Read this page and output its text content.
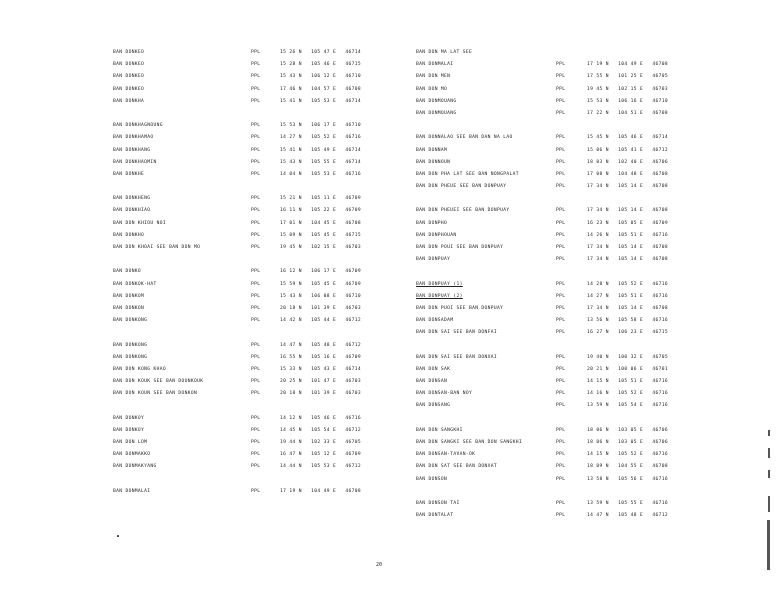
BAN DONKEO	PPL	15 26 N   105 47 E   46714
BAN DONKEO	PPL	15 28 N   105 46 E   46715
BAN DONKEO	PPL	15 43 N   106 12 E   46710
BAN DONKEO	PPL	17 46 N   104 57 E   46708
BAN DONKHA	PPL	15 41 N   105 53 E   46714
BAN DONKHAGNOUNG	PPL	15 53 N   106 17 E   46710
BAN DONKHAMAO	PPL	14 27 N   105 52 E   46716
BAN DONKHANG	PPL	15 41 N   105 49 E   46714
BAN DONKHAOMIN	PPL	15 43 N   105 55 E   46714
BAN DONKHE	PPL	14 04 N   105 53 E   46716
BAN DONKHENG	PPL	15 21 N   105 11 E   46709
BAN DONKHIAO	PPL	16 11 N   105 22 E   46709
BAN DON KHIOU NOI	PPL	17 01 N   104 45 E   46708
BAN DONKHO	PPL	15 09 N   105 45 E   46715
BAN DON KHOAI SEE BAN DON MO	PPL	19 45 N   102 15 E   46703
BAN DONKO	PPL	16 12 N   106 17 E   46709
BAN DONKOK-HAT	PPL	15 59 N   105 45 E   46709
BAN DONKOM	PPL	15 43 N   106 08 E   46710
BAN DONKON	PPL	20 18 N   101 39 E   46703
BAN DONKONG	PPL	14 42 N   105 44 E   46712
BAN DONKONG	PPL	14 47 N   105 48 E   46712
BAN DONKONG	PPL	16 55 N   105 16 E   46709
BAN DON KONG KHAO	PPL	15 33 N   105 43 E   46714
BAN DON KOUK SEE BAN DOUNKOUK	PPL	20 25 N   101 47 E   46703
BAN DON KOUN SEE BAN DONKON	PPL	20 18 N   101 39 E   46703
BAN DONKOY	PPL	14 12 N   105 46 E   46716
BAN DONKOY	PPL	14 45 N   105 54 E   46712
BAN DON LOM	PPL	19 44 N   102 33 E   46705
BAN DONMAKKO	PPL	16 47 N   105 12 E   46709
BAN DONMAKYANG	PPL	14 44 N   105 53 E   46712
BAN DONMALAI	PPL	17 19 N   104 49 E   46708
BAN DON MA LAT SEE
BAN DONMALAI	PPL	17 19 N   104 49 E   46708
BAN DON MEN	PPL	17 55 N   101 25 E   46705
BAN DON MO	PPL	19 45 N   102 15 E   46703
BAN DONMOUANG	PPL	15 53 N   106 16 E   46710
BAN DONMOUANG	PPL	17 22 N   104 51 E   46708
BAN DONNALAO SEE BAN DAN NA LAO	PPL	15 45 N   105 46 E   46714
BAN DONNAM	PPL	15 06 N   105 41 E   46712
BAN DONNOUN	PPL	18 03 N   102 40 E   46706
BAN DON PHA LAT SEE BAN NONGPALAT	PPL	17 08 N   104 48 E   46708
BAN DON PHEUE SEE BAN DONPUAY	PPL	17 34 N   105 14 E   46708
BAN DON PHEUEI SEE BAN DONPUAY	PPL	17 34 N   105 14 E   46708
BAN DONPHO	PPL	16 23 N   105 05 E   46709
BAN DONPHOUAN	PPL	14 26 N   105 51 E   46716
BAN DON POUI SEE BAN DONPUAY	PPL	17 34 N   105 14 E   46708
BAN DONPUAY	PPL	17 34 N   105 14 E   46708
BAN DONPUAY (1)	PPL	14 28 N   105 52 E   46716
BAN DONPUAY (2)	PPL	14 27 N   105 51 E   46716
BAN DON PUOI SEE BAN DONPUAY	PPL	17 34 N   105 14 E   46708
BAN DONSADAM	PPL	13 56 N   105 58 E   46716
BAN DON SAI SEE BAN DONFAI	PPL	16 27 N   106 23 E   46715
BAN DON SAI SEE BAN DONXAI	PPL	19 40 N   100 32 E   46705
BAN DON SAK	PPL	20 21 N   100 06 E   46701
BAN DONSAN	PPL	14 15 N   105 51 E   46716
BAN DONSAN-BAN NOY	PPL	14 16 N   105 52 E   46716
BAN DONSANG	PPL	13 59 N   105 54 E   46716
BAN DON SANGKHI	PPL	18 06 N   103 05 E   46706
BAN DON SANGKI SEE BAN DON SANGKHI	PPL	18 06 N   103 05 E   46706
BAN DONSAN-TAVAN-OK	PPL	14 15 N   105 52 E   46716
BAN DON SAT SEE BAN DONXAT	PPL	18 09 N   104 55 E   46708
BAN DONSON	PPL	13 58 N   105 56 E   46716
BAN DONSON TAI	PPL	13 59 N   105 55 E   46716
BAN DONTALAT	PPL	14 47 N   105 48 E   46712
20
